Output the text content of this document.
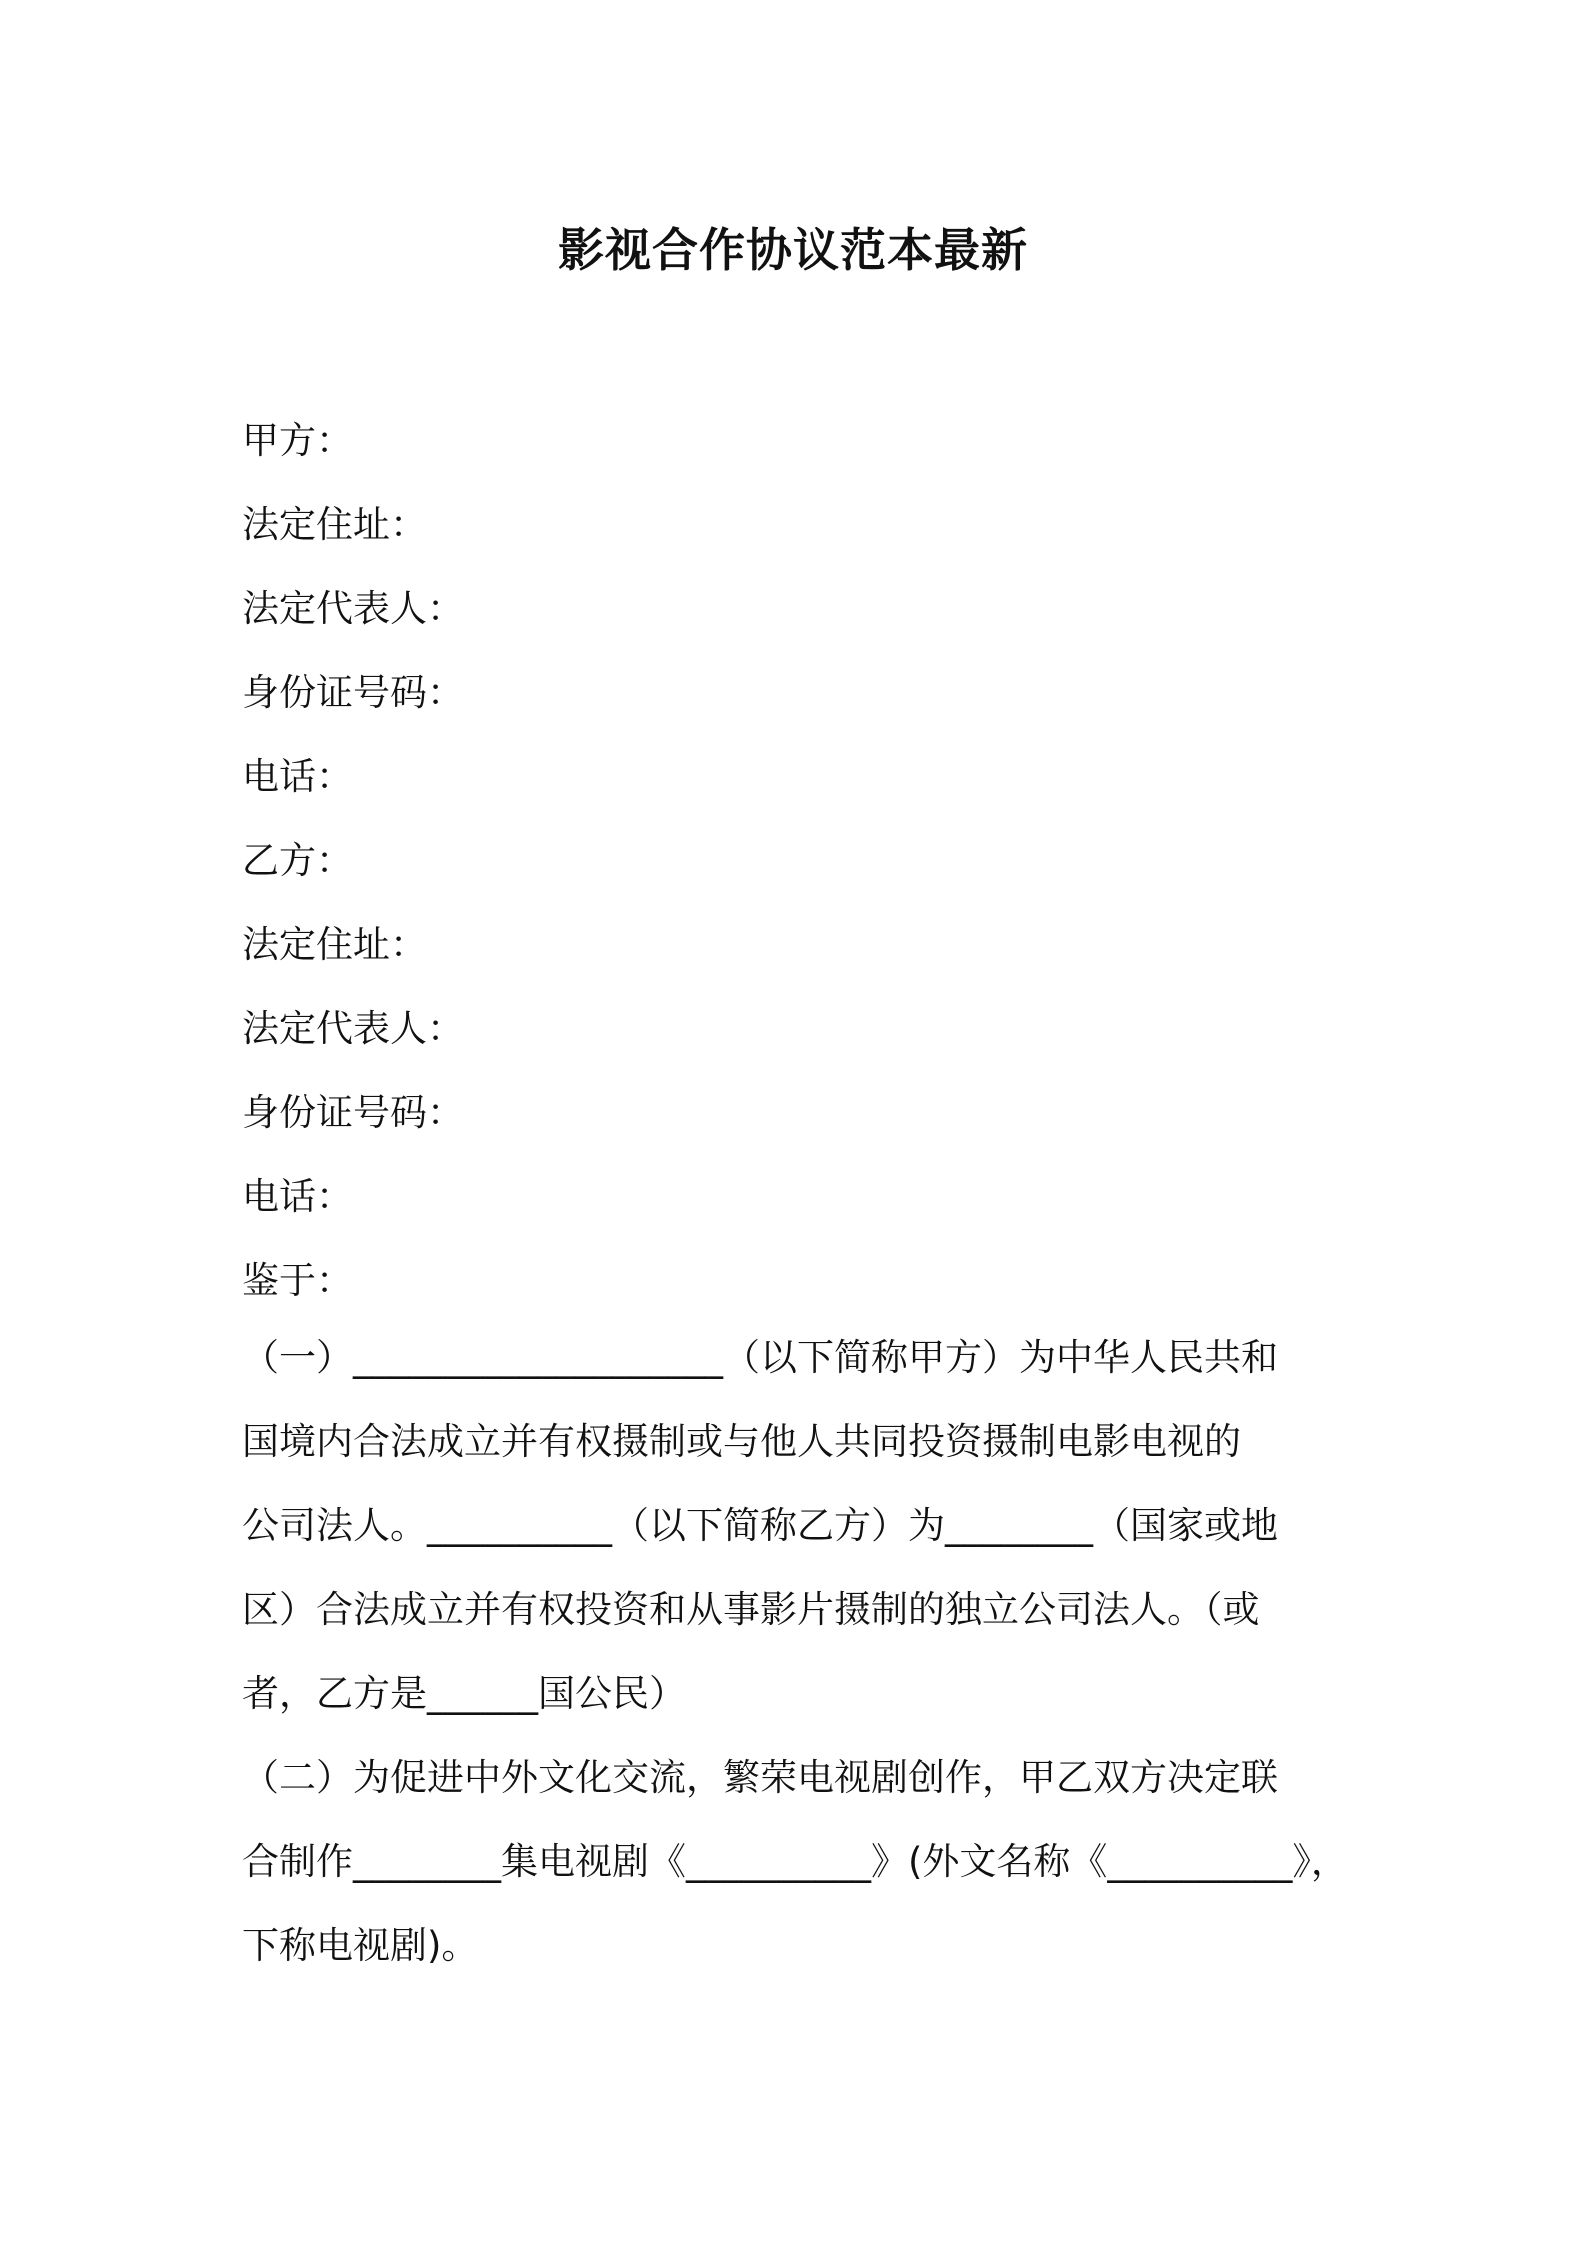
影视合作协议范本最新
甲方：
法定住址：
法定代表人：
身份证号码：
电话：
乙方：
法定住址：
法定代表人：
身份证号码：
电话：
鉴于：

（一）____________________（以下简称甲方）为中华人民共和

国境内合法成立并有权摄制或与他人共同投资摄制电影电视的

公司法人。__________（以下简称乙方）为________（国家或地

区）合法成立并有权投资和从事影片摄制的独立公司法人。（或

者，乙方是______国公民）

（二）为促进中外文化交流，繁荣电视剧创作，甲乙双方决定联

合制作________集电视剧《__________》(外文名称《__________》，

下称电视剧)。
